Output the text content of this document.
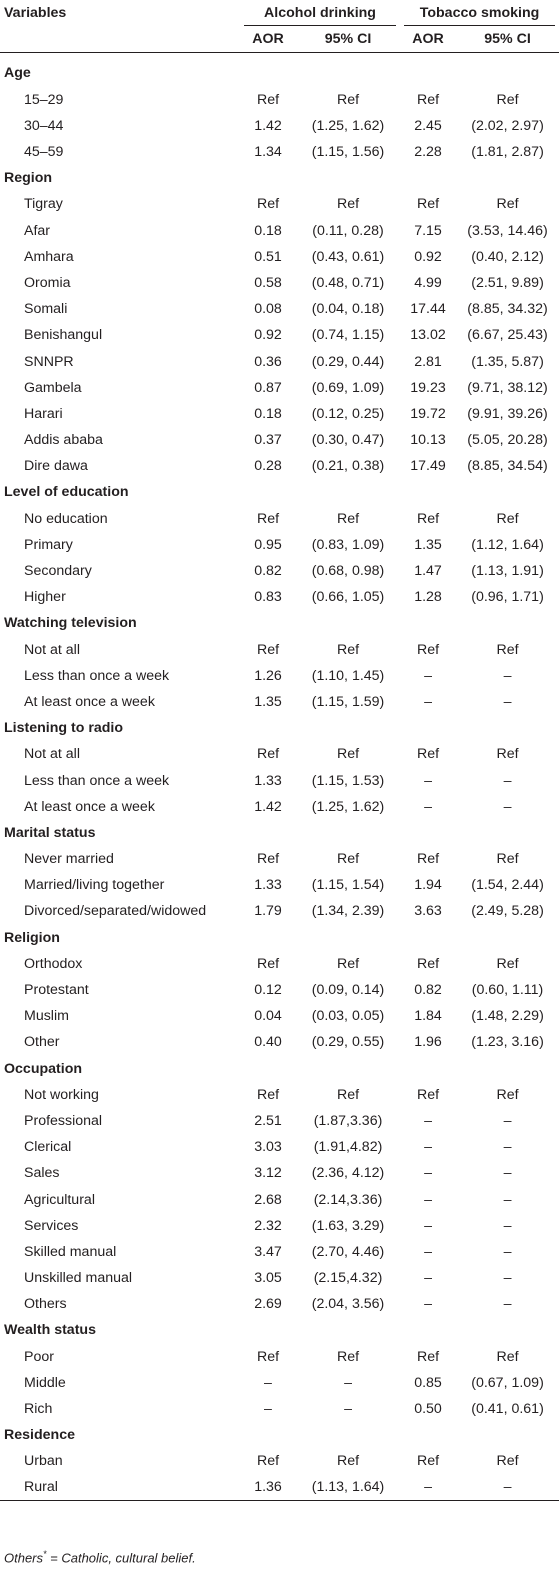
Variables	Alcohol drinking		Tobacco smoking	

	AOR	95% CI	AOR	95% CI

Age				
15–29	Ref	Ref	Ref	Ref
30–44	1.42	(1.25, 1.62)	2.45	(2.02, 2.97)
45–59	1.34	(1.15, 1.56)	2.28	(1.81, 2.87)
Region				
Tigray	Ref	Ref	Ref	Ref
Afar	0.18	(0.11, 0.28)	7.15	(3.53, 14.46)
Amhara	0.51	(0.43, 0.61)	0.92	(0.40, 2.12)
Oromia	0.58	(0.48, 0.71)	4.99	(2.51, 9.89)
Somali	0.08	(0.04, 0.18)	17.44	(8.85, 34.32)
Benishangul	0.92	(0.74, 1.15)	13.02	(6.67, 25.43)
SNNPR	0.36	(0.29, 0.44)	2.81	(1.35, 5.87)
Gambela	0.87	(0.69, 1.09)	19.23	(9.71, 38.12)
Harari	0.18	(0.12, 0.25)	19.72	(9.91, 39.26)
Addis ababa	0.37	(0.30, 0.47)	10.13	(5.05, 20.28)
Dire dawa	0.28	(0.21, 0.38)	17.49	(8.85, 34.54)
Level of education				
No education	Ref	Ref	Ref	Ref
Primary	0.95	(0.83, 1.09)	1.35	(1.12, 1.64)
Secondary	0.82	(0.68, 0.98)	1.47	(1.13, 1.91)
Higher	0.83	(0.66, 1.05)	1.28	(0.96, 1.71)
Watching television				
Not at all	Ref	Ref	Ref	Ref
Less than once a week	1.26	(1.10, 1.45)	–	–
At least once a week	1.35	(1.15, 1.59)	–	–
Listening to radio				
Not at all	Ref	Ref	Ref	Ref
Less than once a week	1.33	(1.15, 1.53)	–	–
At least once a week	1.42	(1.25, 1.62)	–	–
Marital status				
Never married	Ref	Ref	Ref	Ref
Married/living together	1.33	(1.15, 1.54)	1.94	(1.54, 2.44)
Divorced/separated/widowed	1.79	(1.34, 2.39)	3.63	(2.49, 5.28)
Religion				
Orthodox	Ref	Ref	Ref	Ref
Protestant	0.12	(0.09, 0.14)	0.82	(0.60, 1.11)
Muslim	0.04	(0.03, 0.05)	1.84	(1.48, 2.29)
Other	0.40	(0.29, 0.55)	1.96	(1.23, 3.16)
Occupation				
Not working	Ref	Ref	Ref	Ref
Professional	2.51	(1.87,3.36)	–	–
Clerical	3.03	(1.91,4.82)	–	–
Sales	3.12	(2.36, 4.12)	–	–
Agricultural	2.68	(2.14,3.36)	–	–
Services	2.32	(1.63, 3.29)	–	–
Skilled manual	3.47	(2.70, 4.46)	–	–
Unskilled manual	3.05	(2.15,4.32)	–	–
Others	2.69	(2.04, 3.56)	–	–
Wealth status				
Poor	Ref	Ref	Ref	Ref
Middle	–	–	0.85	(0.67, 1.09)
Rich	–	–	0.50	(0.41, 0.61)
Residence				
Urban	Ref	Ref	Ref	Ref
Rural	1.36	(1.13, 1.64)	–	–
Others* = Catholic, cultural belief.
